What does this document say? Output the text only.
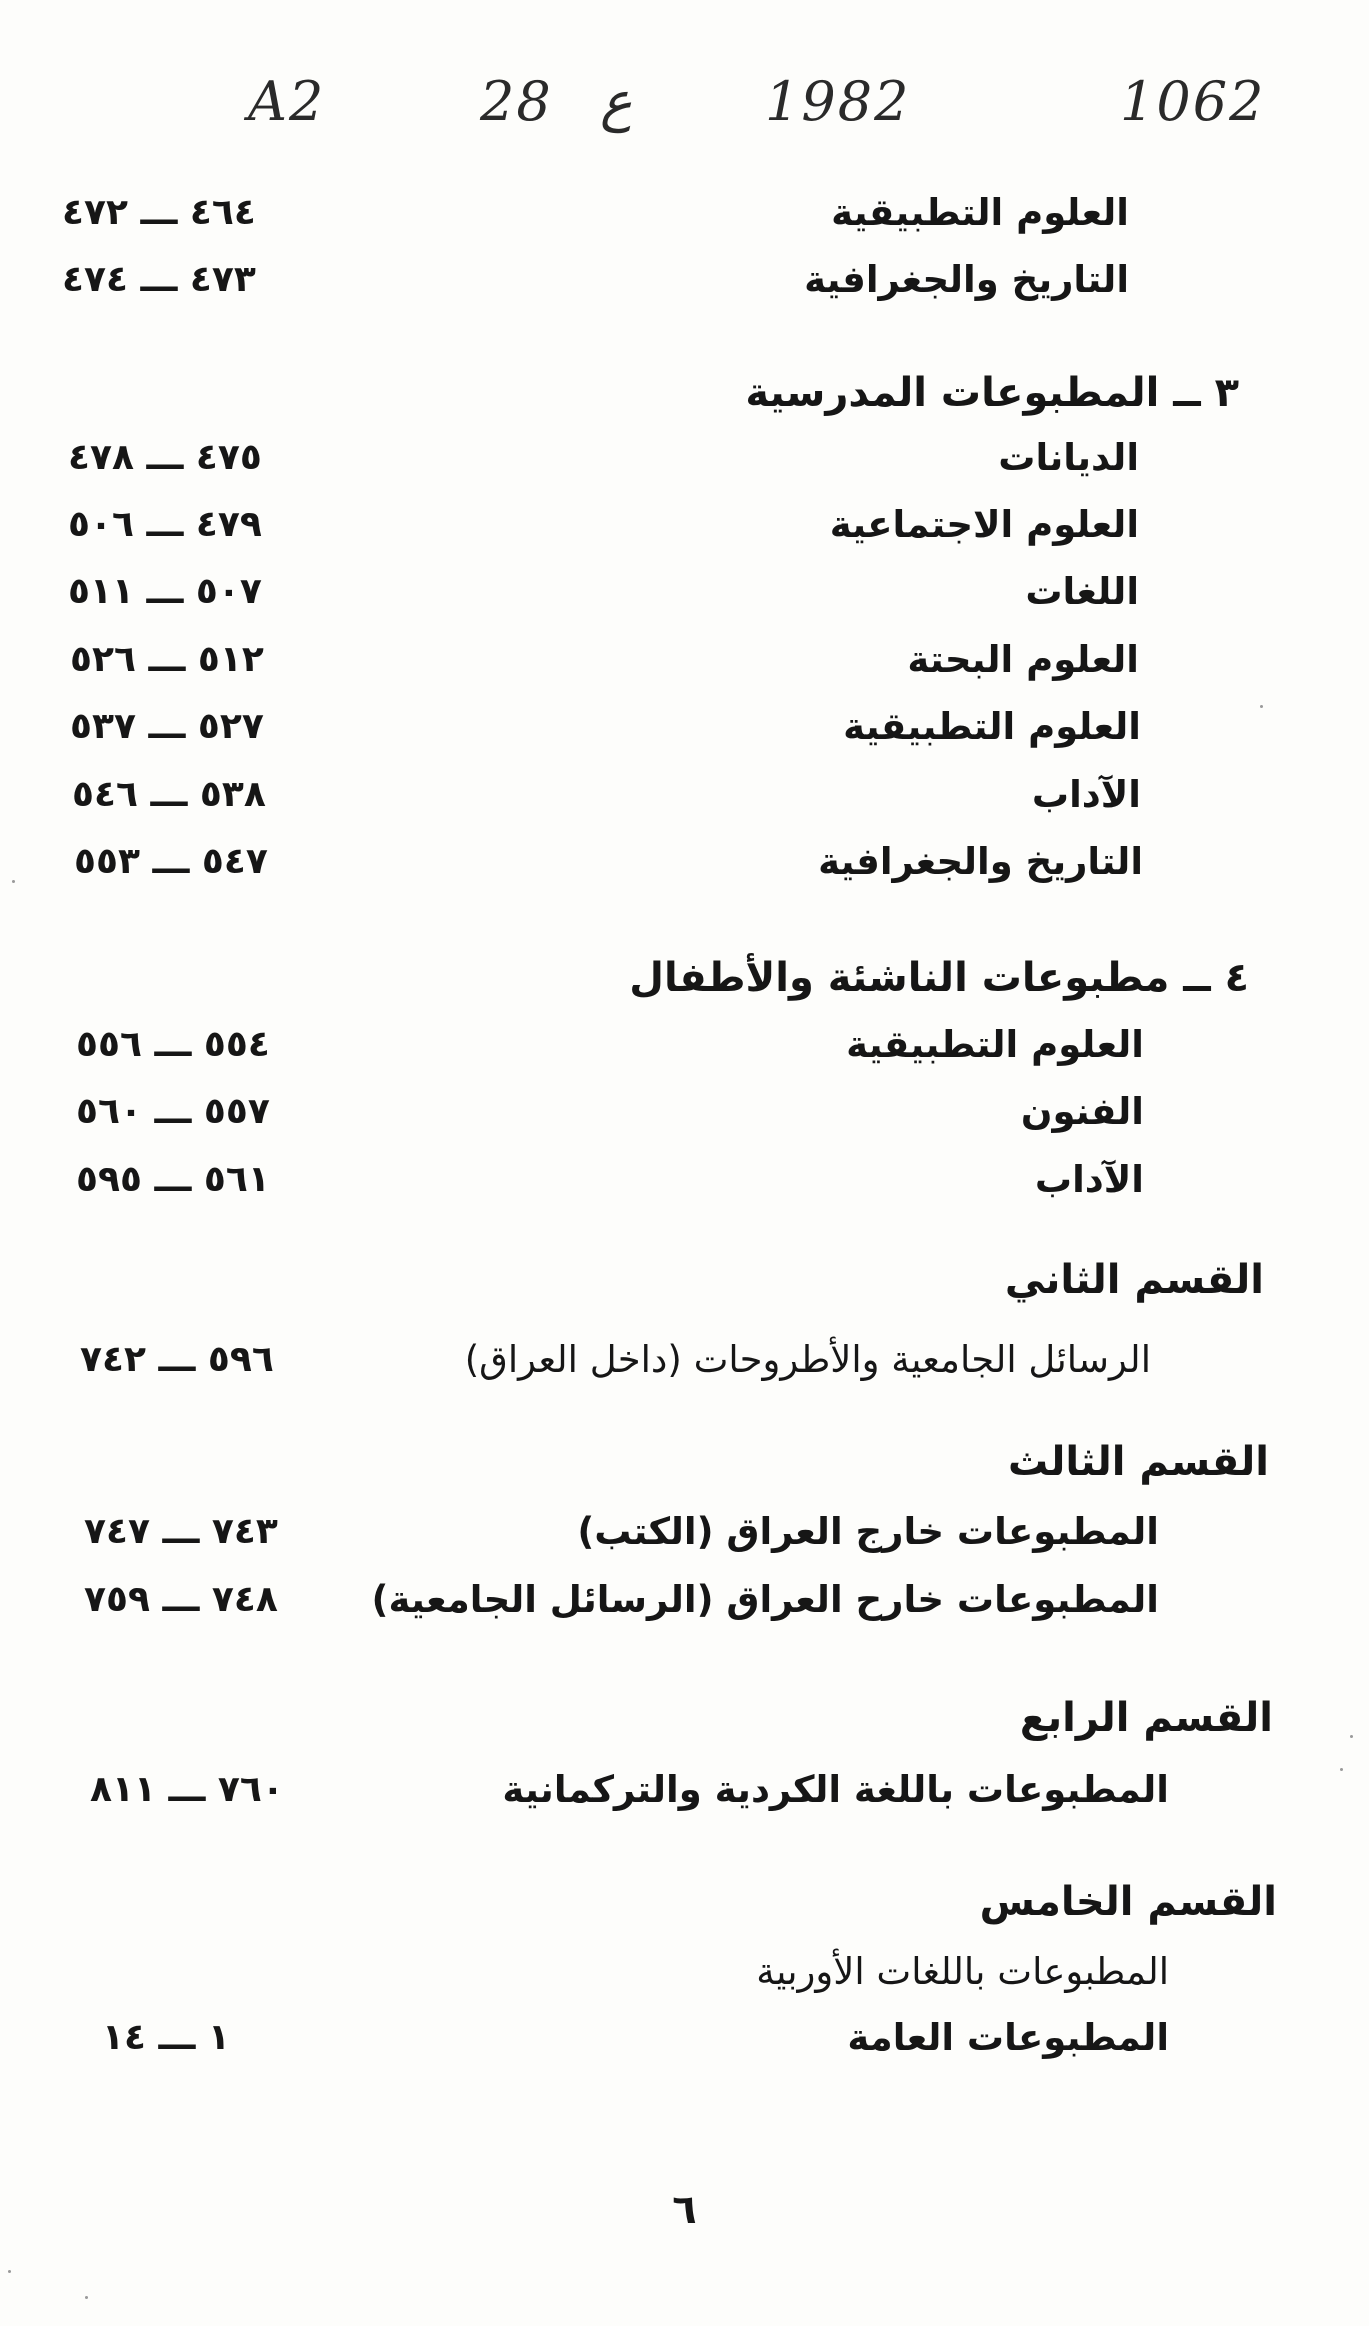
A2	28 ع 1982	1062
العلوم التطبيقية
٤٦٤ ـــ ٤٧٢
التاريخ والجغرافية
٤٧٣ ـــ ٤٧٤
٣ ــ المطبوعات المدرسية
الديانات
٤٧٥ ـــ ٤٧٨
العلوم الاجتماعية
٤٧٩ ـــ ٥٠٦
اللغات
٥٠٧ ـــ ٥١١
العلوم البحتة
٥١٢ ـــ ٥٢٦
العلوم التطبيقية
٥٢٧ ـــ ٥٣٧
الآداب
٥٣٨ ـــ ٥٤٦
التاريخ والجغرافية
٥٤٧ ـــ ٥٥٣
٤ ــ مطبوعات الناشئة والأطفال
العلوم التطبيقية
٥٥٤ ـــ ٥٥٦
الفنون
٥٥٧ ـــ ٥٦٠
الآداب
٥٦١ ـــ ٥٩٥
القسم الثاني
الرسائل الجامعية والأطروحات (داخل العراق)
٥٩٦ ـــ ٧٤٢
القسم الثالث
المطبوعات خارج العراق (الكتب)
٧٤٣ ـــ ٧٤٧
المطبوعات خارح العراق (الرسائل الجامعية)
٧٤٨ ـــ ٧٥٩
القسم الرابع
المطبوعات باللغة الكردية والتركمانية
٧٦٠ ـــ ٨١١
القسم الخامس
المطبوعات باللغات الأوربية
المطبوعات العامة
١ ـــ ١٤
٦
